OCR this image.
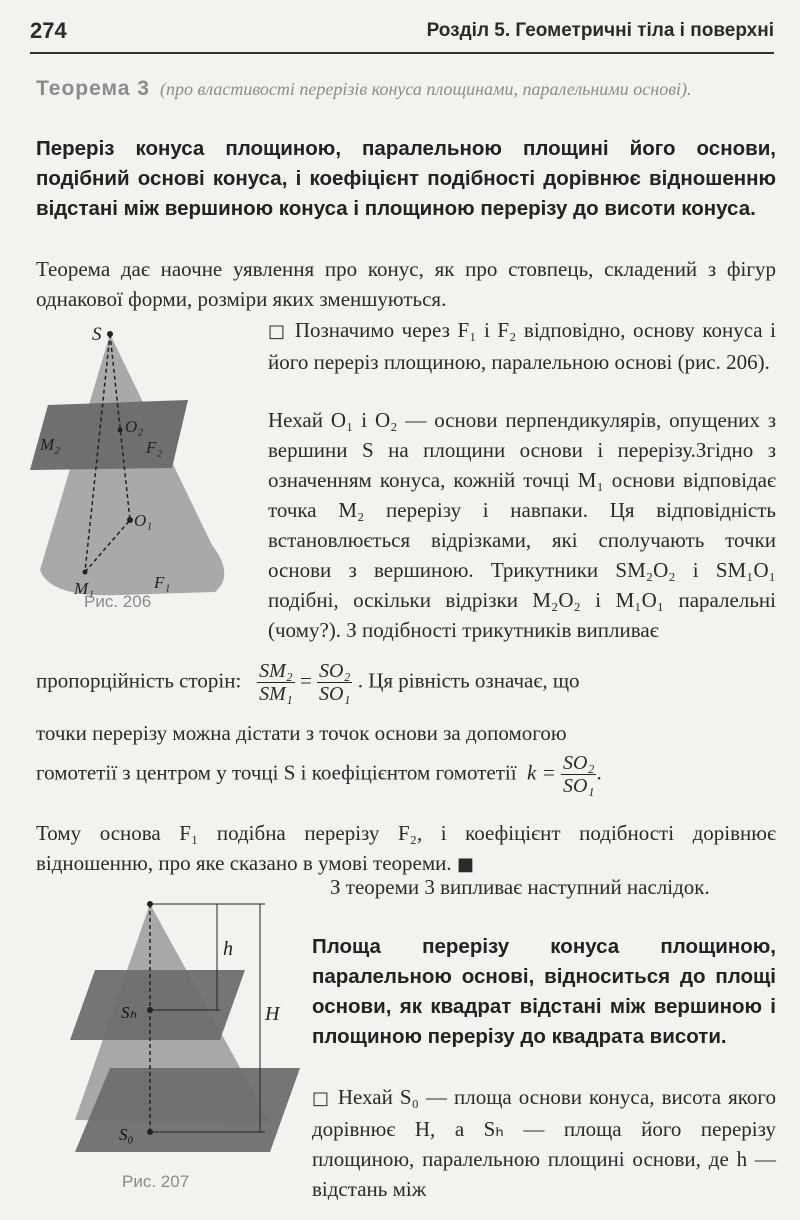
274	Розділ 5. Геометричні тіла і поверхні
Теорема 3 (про властивості перерізів конуса площинами, паралельними основі).
Переріз конуса площиною, паралельною площині його основи, подібний основі конуса, і коефіцієнт подібності дорівнює відношенню відстані між вершиною конуса і площиною перерізу до висоти конуса.
Теорема дає наочне уявлення про конус, як про стовпець, складений з фігур однакової форми, розміри яких зменшуються.
S
O₂
M₂	F₂
O₁
M₁	F₁
Рис. 206
□ Позначимо через F₁ і F₂ відповідно, основу конуса і його переріз площиною, паралельною основі (рис. 206).
Нехай O₁ і O₂ — основи перпендикулярів, опущених з вершини S на площини основи і перерізу.Згідно з означенням конуса, кожній точці M₁ основи відповідає точка M₂ перерізу і навпаки. Ця відповідність встановлюється відрізками, які сполучають точки основи з вершиною. Трикутники SM₂O₂ і SM₁O₁ подібні, оскільки відрізки M₂O₂ і M₁O₁ паралельні (чому?). З подібності трикутників випливає
пропорційність сторін: $\frac{\text{SM₂}}{\text{SM₁}} = \frac{\text{SO₂}}{\text{SO₁}}$ . Ця рівність означає, що
точки перерізу можна дістати з точок основи за допомогою
гомотетії з центром у точці S і коефіцієнтом гомотетії $k = \frac{\text{SO₂}}{\text{SO₁}}$ .
Тому основа F₁ подібна перерізу F₂, і коефіцієнт подібності дорівнює відношенню, про яке сказано в умові теореми. ■
h
H
Sₕ
S₀
Рис. 207
З теореми 3 випливає наступний наслідок.
Площа перерізу конуса площиною, паралельною основі, відноситься до площі основи, як квадрат відстані між вершиною і площиною перерізу до квадрата висоти.
□ Нехай S₀ — площа основи конуса, висота якого дорівнює H, а Sₕ — площа його перерізу площиною, паралельною площині основи, де h — відстань між
